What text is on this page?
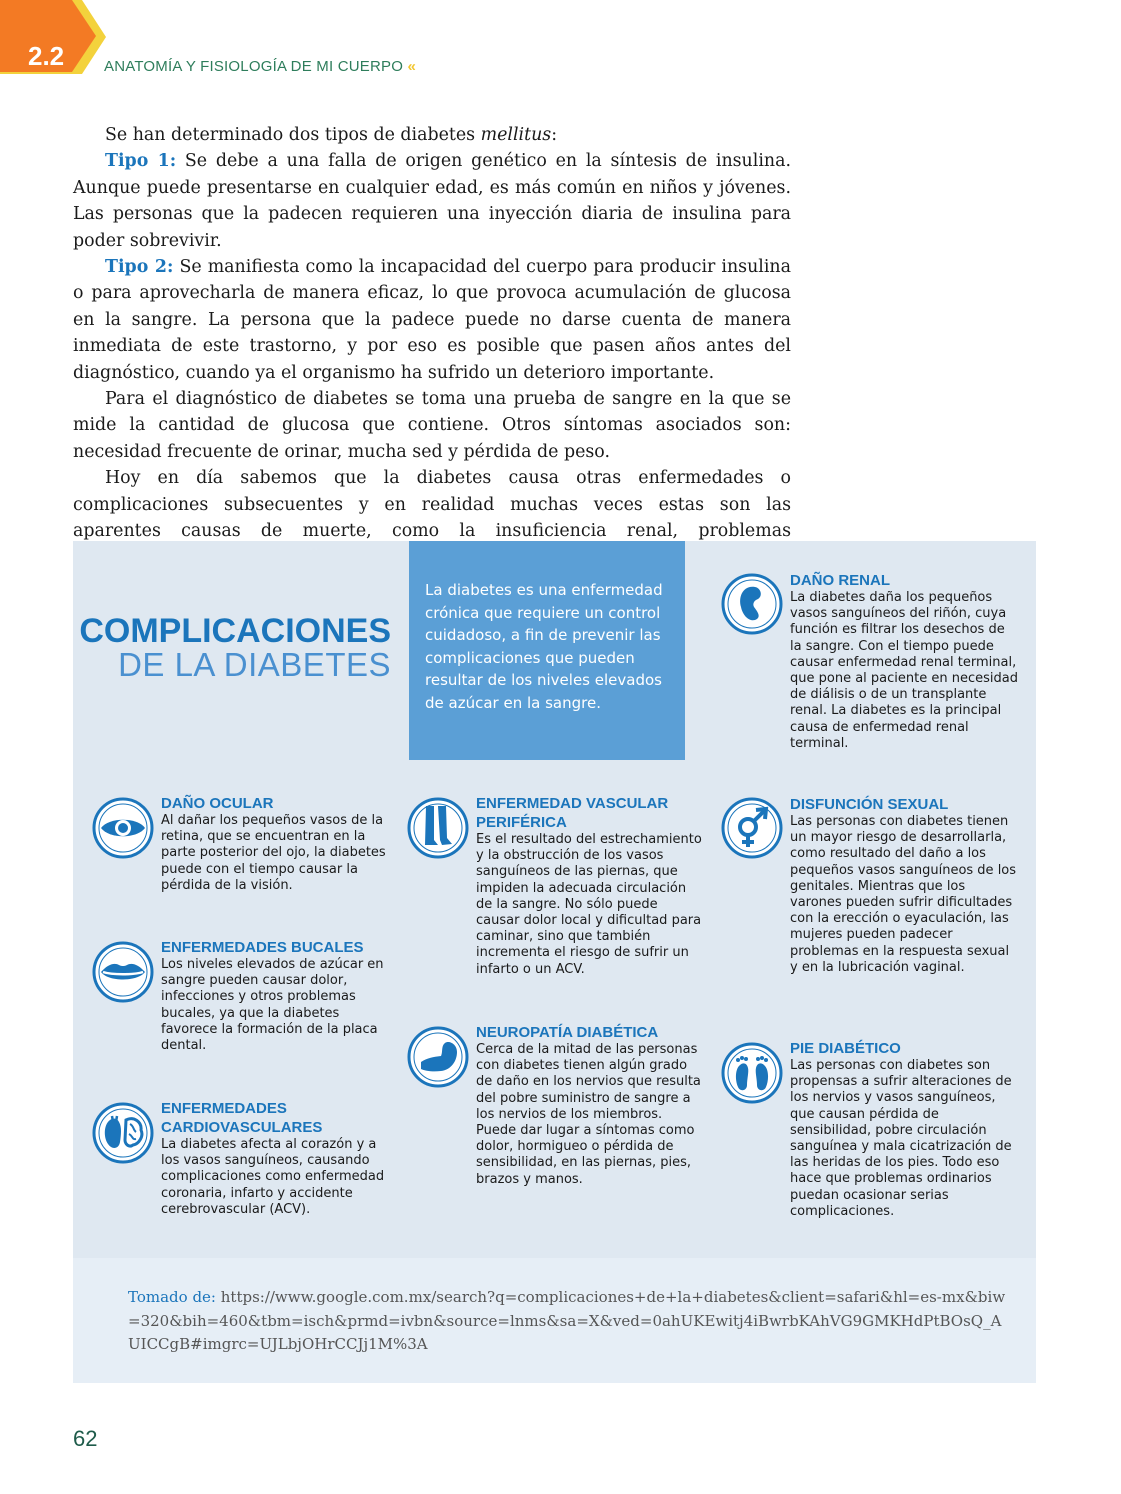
2.2	ANATOMÍA Y FISIOLOGÍA DE MI CUERPO «

Se han determinado dos tipos de diabetes mellitus:

Tipo 1: Se debe a una falla de origen genético en la síntesis de insulina. Aunque puede presentarse en cualquier edad, es más común en niños y jóvenes. Las personas que la padecen requieren una inyección diaria de insulina para poder sobrevivir.

Tipo 2: Se manifiesta como la incapacidad del cuerpo para producir insulina o para aprovecharla de manera eficaz, lo que provoca acumulación de glucosa en la sangre. La persona que la padece puede no darse cuenta de manera inmediata de este trastorno, y por eso es posible que pasen años antes del diagnóstico, cuando ya el organismo ha sufrido un deterioro importante.

Para el diagnóstico de diabetes se toma una prueba de sangre en la que se mide la cantidad de glucosa que contiene. Otros síntomas asociados son: necesidad frecuente de orinar, mucha sed y pérdida de peso.

Hoy en día sabemos que la diabetes causa otras enfermedades o complicaciones subsecuentes y en realidad muchas veces estas son las aparentes causas de muerte, como la insuficiencia renal, problemas

COMPLICACIONES
DE LA DIABETES
La diabetes es una enfermedad crónica que requiere un control cuidadoso, a fin de prevenir las complicaciones que pueden resultar de los niveles elevados de azúcar en la sangre.
DAÑO RENAL
La diabetes daña los pequeños vasos sanguíneos del riñón, cuya función es filtrar los desechos de la sangre. Con el tiempo puede causar enfermedad renal terminal, que pone al paciente en necesidad de diálisis o de un transplante renal. La diabetes es la principal causa de enfermedad renal terminal.
DAÑO OCULAR
Al dañar los pequeños vasos de la retina, que se encuentran en la parte posterior del ojo, la diabetes puede con el tiempo causar la pérdida de la visión.
ENFERMEDAD VASCULAR PERIFÉRICA
Es el resultado del estrechamiento y la obstrucción de los vasos sanguíneos de las piernas, que impiden la adecuada circulación de la sangre. No sólo puede causar dolor local y dificultad para caminar, sino que también incrementa el riesgo de sufrir un infarto o un ACV.
DISFUNCIÓN SEXUAL
Las personas con diabetes tienen un mayor riesgo de desarrollarla, como resultado del daño a los pequeños vasos sanguíneos de los genitales. Mientras que los varones pueden sufrir dificultades con la erección o eyaculación, las mujeres pueden padecer problemas en la respuesta sexual y en la lubricación vaginal.
ENFERMEDADES BUCALES
Los niveles elevados de azúcar en sangre pueden causar dolor, infecciones y otros problemas bucales, ya que la diabetes favorece la formación de la placa dental.
NEUROPATÍA DIABÉTICA
Cerca de la mitad de las personas con diabetes tienen algún grado de daño en los nervios que resulta del pobre suministro de sangre a los nervios de los miembros. Puede dar lugar a síntomas como dolor, hormigueo o pérdida de sensibilidad, en las piernas, pies, brazos y manos.
PIE DIABÉTICO
Las personas con diabetes son propensas a sufrir alteraciones de los nervios y vasos sanguíneos, que causan pérdida de sensibilidad, pobre circulación sanguínea y mala cicatrización de las heridas de los pies. Todo eso hace que problemas ordinarios puedan ocasionar serias complicaciones.
ENFERMEDADES CARDIOVASCULARES
La diabetes afecta al corazón y a los vasos sanguíneos, causando complicaciones como enfermedad coronaria, infarto y accidente cerebrovascular (ACV).
Tomado de: https://www.google.com.mx/search?q=complicaciones+de+la+diabetes&client=safari&hl=es-mx&biw=320&bih=460&tbm=isch&prmd=ivbn&source=lnms&sa=X&ved=0ahUKEwitj4iBwrbKAhVG9GMKHdPtBOsQ_AUICCgB#imgrc=UJLbjOHrCCJj1M%3A
62
